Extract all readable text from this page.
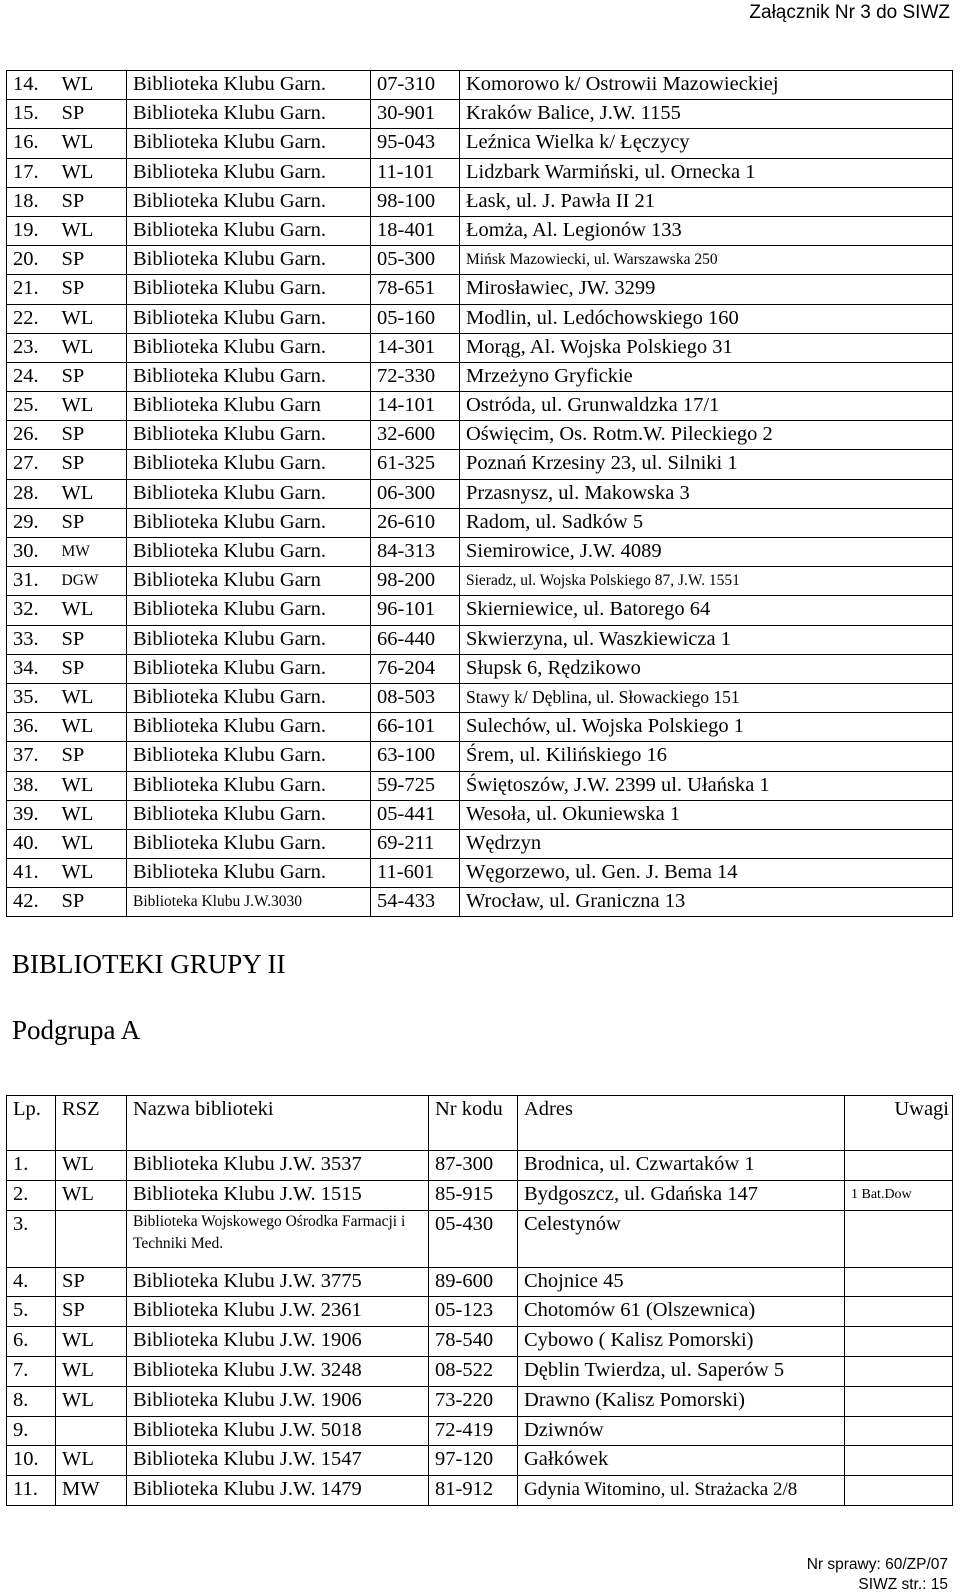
Załącznik Nr 3 do SIWZ
14.	WL	Biblioteka Klubu Garn.	07-310	Komorowo k/ Ostrowii Mazowieckiej
15.	SP	Biblioteka Klubu Garn.	30-901	Kraków Balice, J.W. 1155
16.	WL	Biblioteka Klubu Garn.	95-043	Leźnica Wielka k/ Łęczycy
17.	WL	Biblioteka Klubu Garn.	11-101	Lidzbark Warmiński, ul. Ornecka 1
18.	SP	Biblioteka Klubu Garn.	98-100	Łask, ul. J. Pawła II 21
19.	WL	Biblioteka Klubu Garn.	18-401	Łomża, Al. Legionów 133
20.	SP	Biblioteka Klubu Garn.	05-300	Mińsk Mazowiecki, ul. Warszawska 250
21.	SP	Biblioteka Klubu Garn.	78-651	Mirosławiec, JW. 3299
22.	WL	Biblioteka Klubu Garn.	05-160	Modlin, ul. Ledóchowskiego 160
23.	WL	Biblioteka Klubu Garn.	14-301	Morąg, Al. Wojska Polskiego 31
24.	SP	Biblioteka Klubu Garn.	72-330	Mrzeżyno Gryfickie
25.	WL	Biblioteka Klubu Garn	14-101	Ostróda, ul. Grunwaldzka 17/1
26.	SP	Biblioteka Klubu Garn.	32-600	Oświęcim, Os. Rotm.W. Pileckiego 2
27.	SP	Biblioteka Klubu Garn.	61-325	Poznań Krzesiny 23, ul. Silniki 1
28.	WL	Biblioteka Klubu Garn.	06-300	Przasnysz, ul. Makowska 3
29.	SP	Biblioteka Klubu Garn.	26-610	Radom, ul. Sadków 5
30.	MW	Biblioteka Klubu Garn.	84-313	Siemirowice, J.W. 4089
31.	DGW	Biblioteka Klubu Garn	98-200	Sieradz, ul. Wojska Polskiego 87, J.W. 1551
32.	WL	Biblioteka Klubu Garn.	96-101	Skierniewice, ul. Batorego 64
33.	SP	Biblioteka Klubu Garn.	66-440	Skwierzyna, ul. Waszkiewicza 1
34.	SP	Biblioteka Klubu Garn.	76-204	Słupsk 6, Rędzikowo
35.	WL	Biblioteka Klubu Garn.	08-503	Stawy k/ Dęblina, ul. Słowackiego 151
36.	WL	Biblioteka Klubu Garn.	66-101	Sulechów, ul. Wojska Polskiego 1
37.	SP	Biblioteka Klubu Garn.	63-100	Śrem, ul. Kilińskiego 16
38.	WL	Biblioteka Klubu Garn.	59-725	Świętoszów, J.W. 2399 ul. Ułańska 1
39.	WL	Biblioteka Klubu Garn.	05-441	Wesoła, ul. Okuniewska 1
40.	WL	Biblioteka Klubu Garn.	69-211	Wędrzyn
41.	WL	Biblioteka Klubu Garn.	11-601	Węgorzewo, ul. Gen. J. Bema 14
42.	SP	Biblioteka Klubu J.W.3030	54-433	Wrocław, ul. Graniczna 13
BIBLIOTEKI GRUPY II
Podgrupa A
Lp.	RSZ	Nazwa biblioteki	Nr kodu	Adres	Uwagi
1.	WL	Biblioteka Klubu J.W. 3537	87-300	Brodnica, ul. Czwartaków 1	
2.	WL	Biblioteka Klubu J.W. 1515	85-915	Bydgoszcz, ul. Gdańska 147	1 Bat.Dow
3.		Biblioteka Wojskowego Ośrodka Farmacji i Techniki Med.	05-430	Celestynów	
4.	SP	Biblioteka Klubu J.W. 3775	89-600	Chojnice 45	
5.	SP	Biblioteka Klubu J.W. 2361	05-123	Chotomów 61 (Olszewnica)	
6.	WL	Biblioteka Klubu J.W. 1906	78-540	Cybowo ( Kalisz Pomorski)	
7.	WL	Biblioteka Klubu J.W. 3248	08-522	Dęblin Twierdza, ul. Saperów 5	
8.	WL	Biblioteka Klubu J.W. 1906	73-220	Drawno (Kalisz Pomorski)	
9.		Biblioteka Klubu J.W. 5018	72-419	Dziwnów	
10.	WL	Biblioteka Klubu J.W. 1547	97-120	Gałkówek	
11.	MW	Biblioteka Klubu J.W. 1479	81-912	Gdynia Witomino, ul. Strażacka 2/8	
Nr sprawy: 60/ZP/07
SIWZ str.: 15
